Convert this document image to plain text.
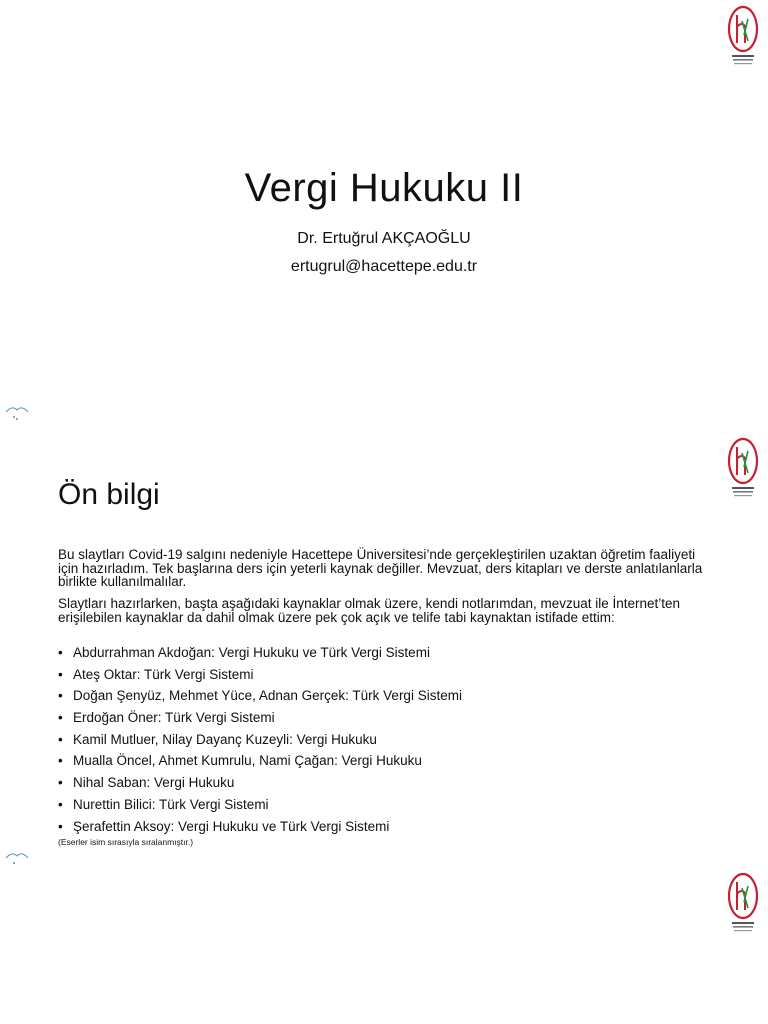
Vergi Hukuku II
Dr. Ertuğrul AKÇAOĞLU
ertugrul@hacettepe.edu.tr
Ön bilgi

Bu slaytları Covid-19 salgını nedeniyle Hacettepe Üniversitesi’nde gerçekleştirilen uzaktan öğretim faaliyeti için hazırladım. Tek başlarına ders için yeterli kaynak değiller. Mevzuat, ders kitapları ve derste anlatılanlarla birlikte kullanılmalılar.

Slaytları hazırlarken, başta aşağıdaki kaynaklar olmak üzere, kendi notlarımdan, mevzuat ile İnternet’ten erişilebilen kaynaklar da dahil olmak üzere pek çok açık ve telife tabi kaynaktan istifade ettim:

• Abdurrahman Akdoğan: Vergi Hukuku ve Türk Vergi Sistemi
• Ateş Oktar: Türk Vergi Sistemi
• Doğan Şenyüz, Mehmet Yüce, Adnan Gerçek: Türk Vergi Sistemi
• Erdoğan Öner: Türk Vergi Sistemi
• Kamil Mutluer, Nilay Dayanç Kuzeyli: Vergi Hukuku
• Mualla Öncel, Ahmet Kumrulu, Nami Çağan: Vergi Hukuku
• Nihal Saban: Vergi Hukuku
• Nurettin Bilici: Türk Vergi Sistemi
• Şerafettin Aksoy: Vergi Hukuku ve Türk Vergi Sistemi
(Eserler isim sırasıyla sıralanmıştır.)
